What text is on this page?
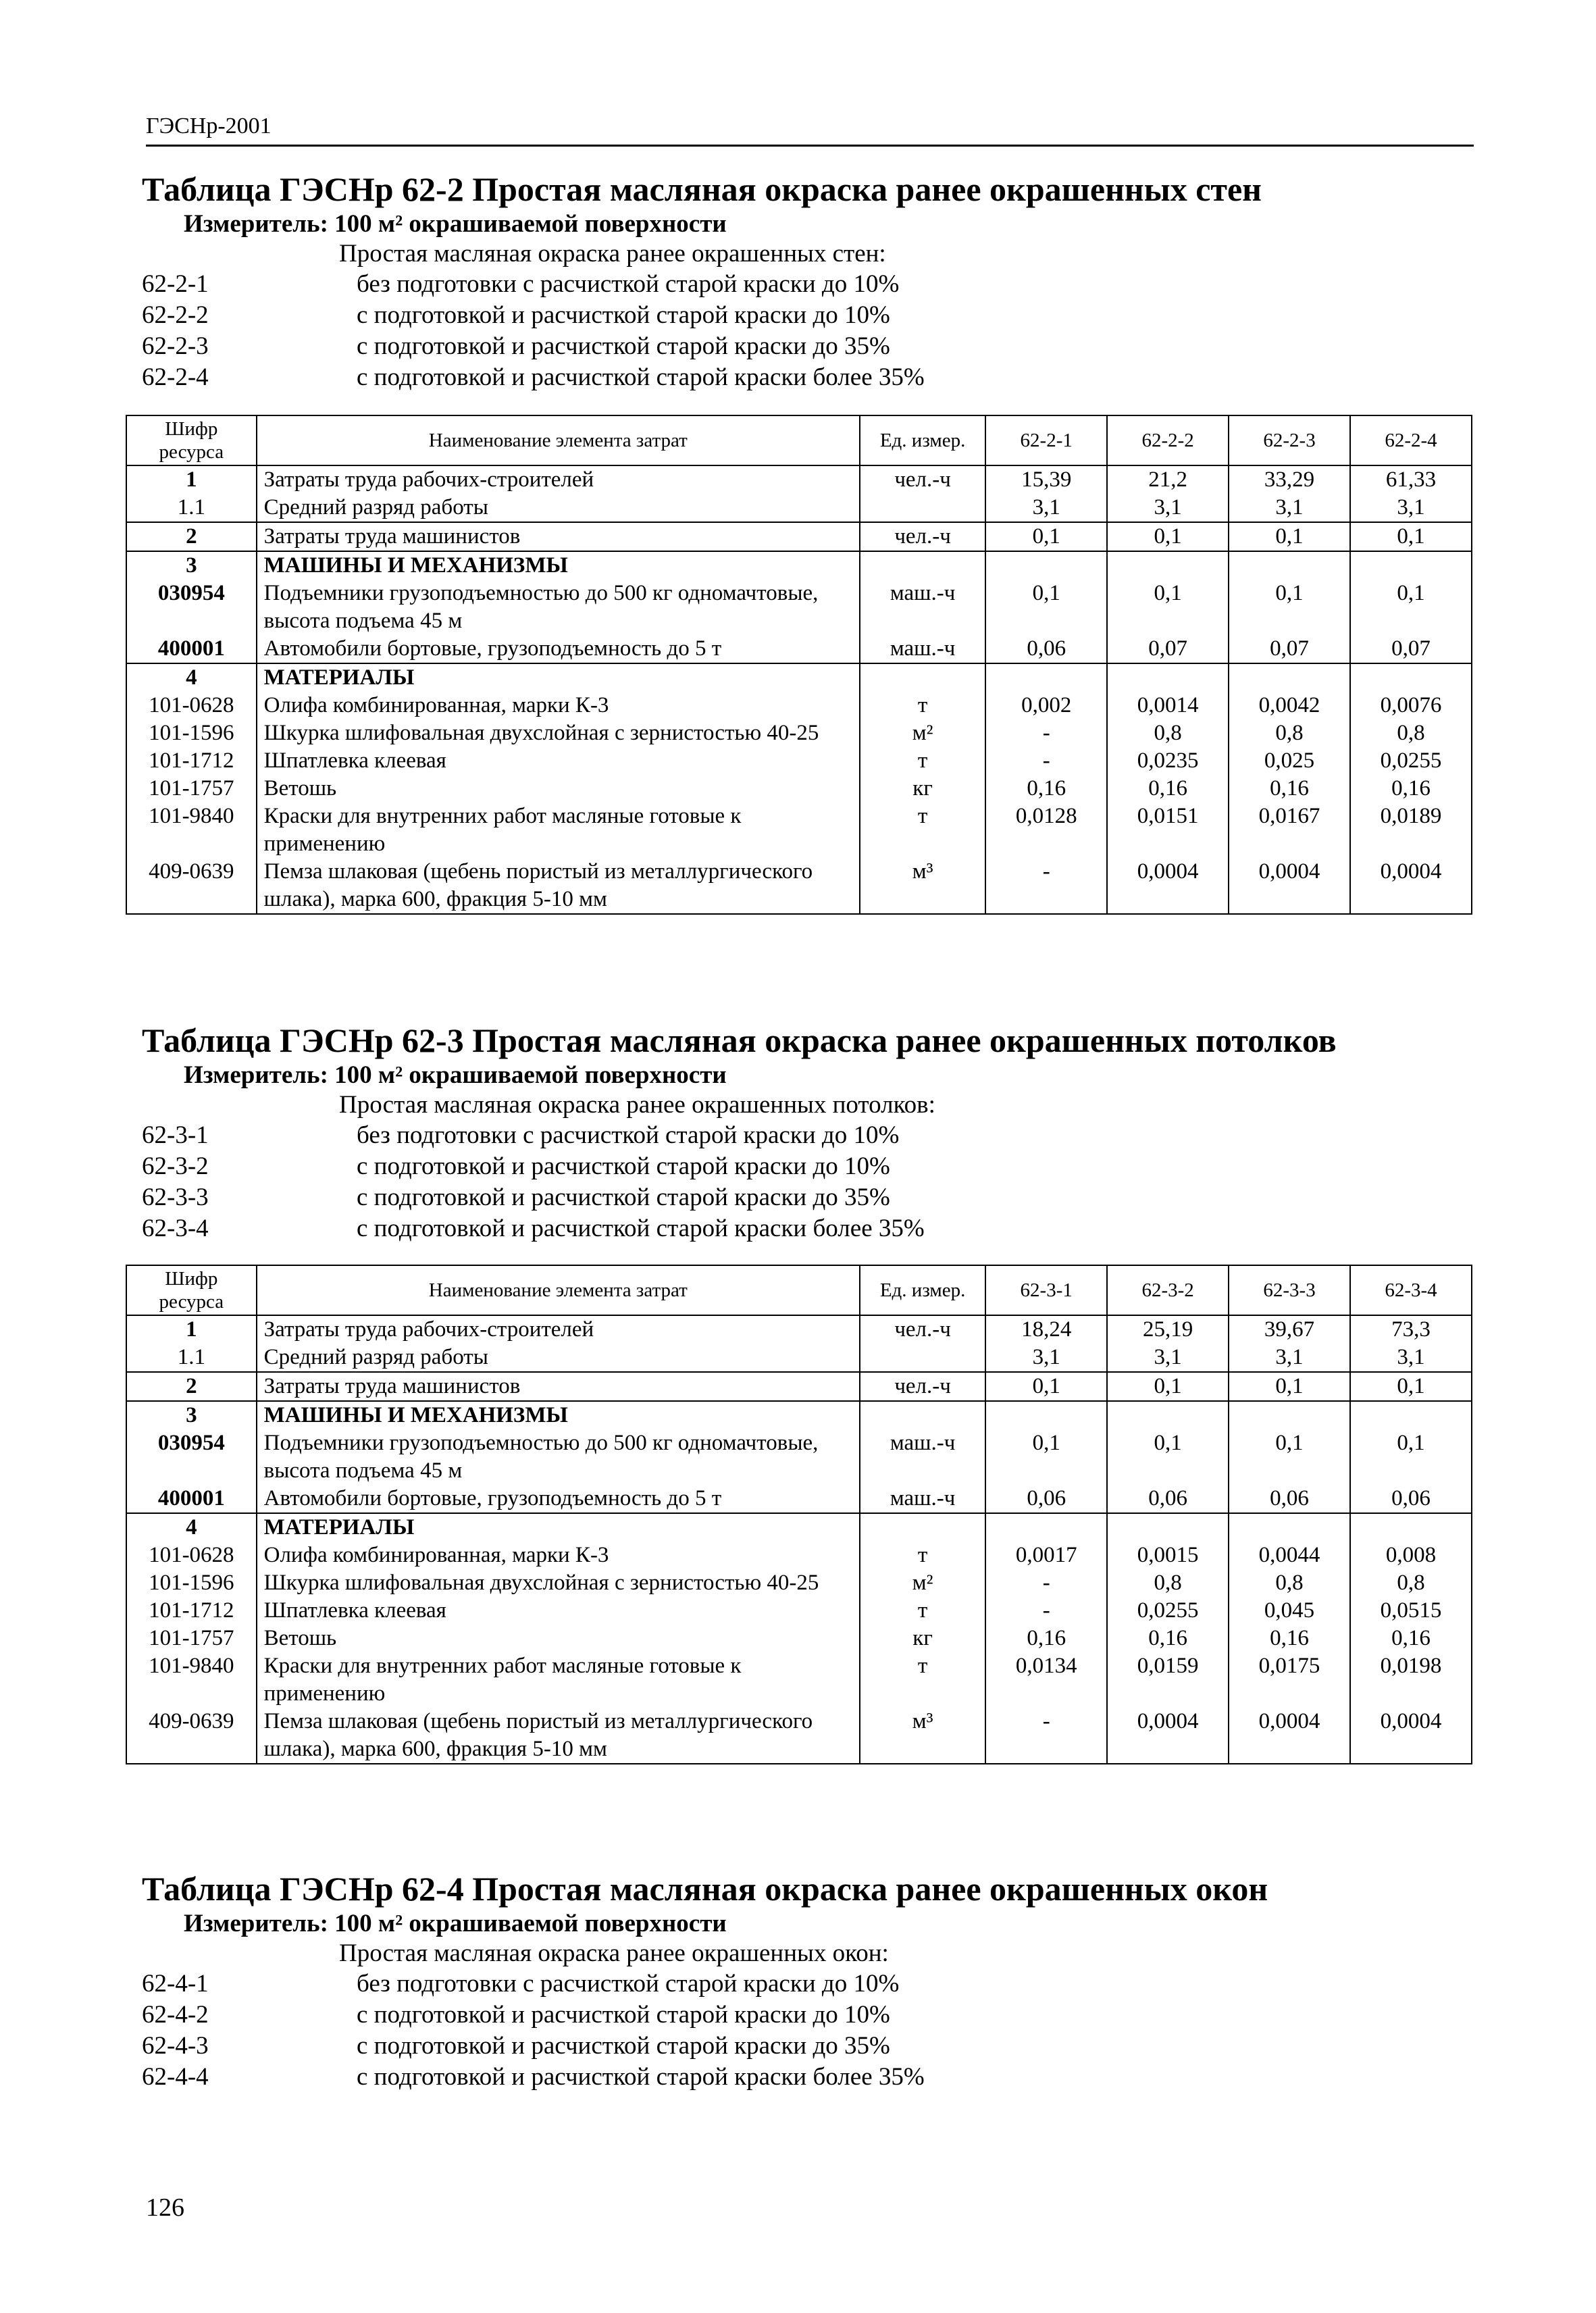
ГЭСНр-2001
Таблица ГЭСНр 62-2 Простая масляная окраска ранее окрашенных стен
Измеритель: 100 м² окрашиваемой поверхности
Простая масляная окраска ранее окрашенных стен:
62-2-1	без подготовки с расчисткой старой краски до 10%
62-2-2	с подготовкой и расчисткой старой краски до 10%
62-2-3	с подготовкой и расчисткой старой краски до 35%
62-2-4	с подготовкой и расчисткой старой краски более 35%
Шифр ресурса	Наименование элемента затрат	Ед. измер.	62-2-1	62-2-2	62-2-3	62-2-4
1	Затраты труда рабочих-строителей	чел.-ч	15,39	21,2	33,29	61,33
1.1	Средний разряд работы		3,1	3,1	3,1	3,1
2	Затраты труда машинистов	чел.-ч	0,1	0,1	0,1	0,1
3	МАШИНЫ И МЕХАНИЗМЫ					
030954	Подъемники грузоподъемностью до 500 кг одномачтовые, высота подъема 45 м	маш.-ч	0,1	0,1	0,1	0,1
400001	Автомобили бортовые, грузоподъемность до 5 т	маш.-ч	0,06	0,07	0,07	0,07
4	МАТЕРИАЛЫ					
101-0628	Олифа комбинированная, марки К-3	т	0,002	0,0014	0,0042	0,0076
101-1596	Шкурка шлифовальная двухслойная с зернистостью 40-25	м²	-	0,8	0,8	0,8
101-1712	Шпатлевка клеевая	т	-	0,0235	0,025	0,0255
101-1757	Ветошь	кг	0,16	0,16	0,16	0,16
101-9840	Краски для внутренних работ масляные готовые к применению	т	0,0128	0,0151	0,0167	0,0189
409-0639	Пемза шлаковая (щебень пористый из металлургического шлака), марка 600, фракция 5-10 мм	м³	-	0,0004	0,0004	0,0004
Таблица ГЭСНр 62-3 Простая масляная окраска ранее окрашенных потолков
Измеритель: 100 м² окрашиваемой поверхности
Простая масляная окраска ранее окрашенных потолков:
62-3-1	без подготовки с расчисткой старой краски до 10%
62-3-2	с подготовкой и расчисткой старой краски до 10%
62-3-3	с подготовкой и расчисткой старой краски до 35%
62-3-4	с подготовкой и расчисткой старой краски более 35%
Шифр ресурса	Наименование элемента затрат	Ед. измер.	62-3-1	62-3-2	62-3-3	62-3-4
1	Затраты труда рабочих-строителей	чел.-ч	18,24	25,19	39,67	73,3
1.1	Средний разряд работы		3,1	3,1	3,1	3,1
2	Затраты труда машинистов	чел.-ч	0,1	0,1	0,1	0,1
3	МАШИНЫ И МЕХАНИЗМЫ					
030954	Подъемники грузоподъемностью до 500 кг одномачтовые, высота подъема 45 м	маш.-ч	0,1	0,1	0,1	0,1
400001	Автомобили бортовые, грузоподъемность до 5 т	маш.-ч	0,06	0,06	0,06	0,06
4	МАТЕРИАЛЫ					
101-0628	Олифа комбинированная, марки К-3	т	0,0017	0,0015	0,0044	0,008
101-1596	Шкурка шлифовальная двухслойная с зернистостью 40-25	м²	-	0,8	0,8	0,8
101-1712	Шпатлевка клеевая	т	-	0,0255	0,045	0,0515
101-1757	Ветошь	кг	0,16	0,16	0,16	0,16
101-9840	Краски для внутренних работ масляные готовые к применению	т	0,0134	0,0159	0,0175	0,0198
409-0639	Пемза шлаковая (щебень пористый из металлургического шлака), марка 600, фракция 5-10 мм	м³	-	0,0004	0,0004	0,0004
Таблица ГЭСНр 62-4 Простая масляная окраска ранее окрашенных окон
Измеритель: 100 м² окрашиваемой поверхности
Простая масляная окраска ранее окрашенных окон:
62-4-1	без подготовки с расчисткой старой краски до 10%
62-4-2	с подготовкой и расчисткой старой краски до 10%
62-4-3	с подготовкой и расчисткой старой краски до 35%
62-4-4	с подготовкой и расчисткой старой краски более 35%
126
